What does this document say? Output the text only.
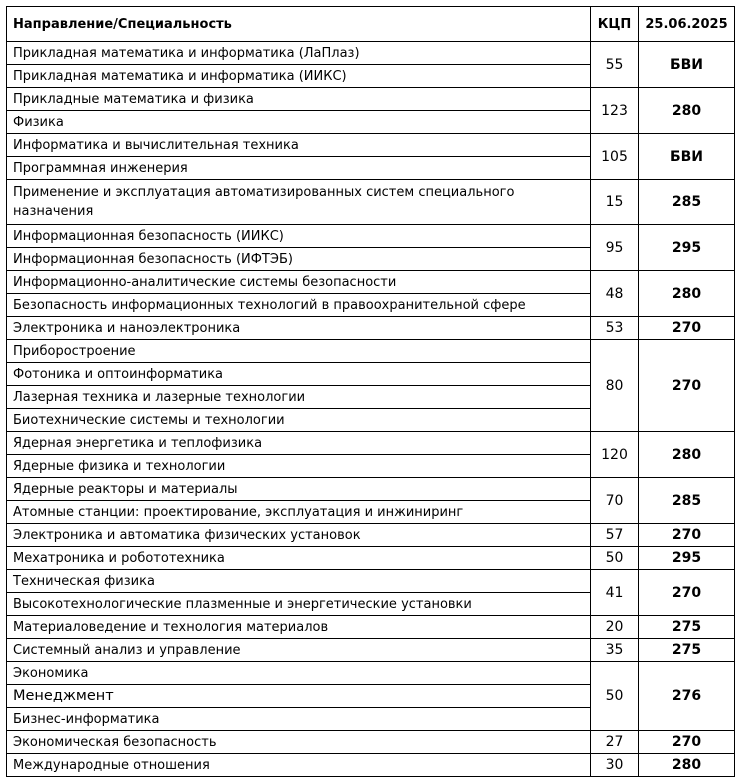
Направление/Специальность	КЦП	25.06.2025
Прикладная математика и информатика (ЛаПлаз)	55	БВИ
Прикладная математика и информатика (ИИКС)		
Прикладные математика и физика	123	280
Физика		
Информатика и вычислительная техника	105	БВИ
Программная инженерия		
Применение и эксплуатация автоматизированных систем специального назначения	15	285
Информационная безопасность (ИИКС)	95	295
Информационная безопасность (ИФТЭБ)		
Информационно-аналитические системы безопасности	48	280
Безопасность информационных технологий в правоохранительной сфере		
Электроника и наноэлектроника	53	270
Приборостроение	80	270
Фотоника и оптоинформатика		
Лазерная техника и лазерные технологии		
Биотехнические системы и технологии		
Ядерная энергетика и теплофизика	120	280
Ядерные физика и технологии		
Ядерные реакторы и материалы	70	285
Атомные станции: проектирование, эксплуатация и инжиниринг		
Электроника и автоматика физических установок	57	270
Мехатроника и робототехника	50	295
Техническая физика	41	270
Высокотехнологические плазменные и энергетические установки		
Материаловедение и технология материалов	20	275
Системный анализ и управление	35	275
Экономика	50	276
Менеджмент		
Бизнес-информатика		
Экономическая безопасность	27	270
Международные отношения	30	280
